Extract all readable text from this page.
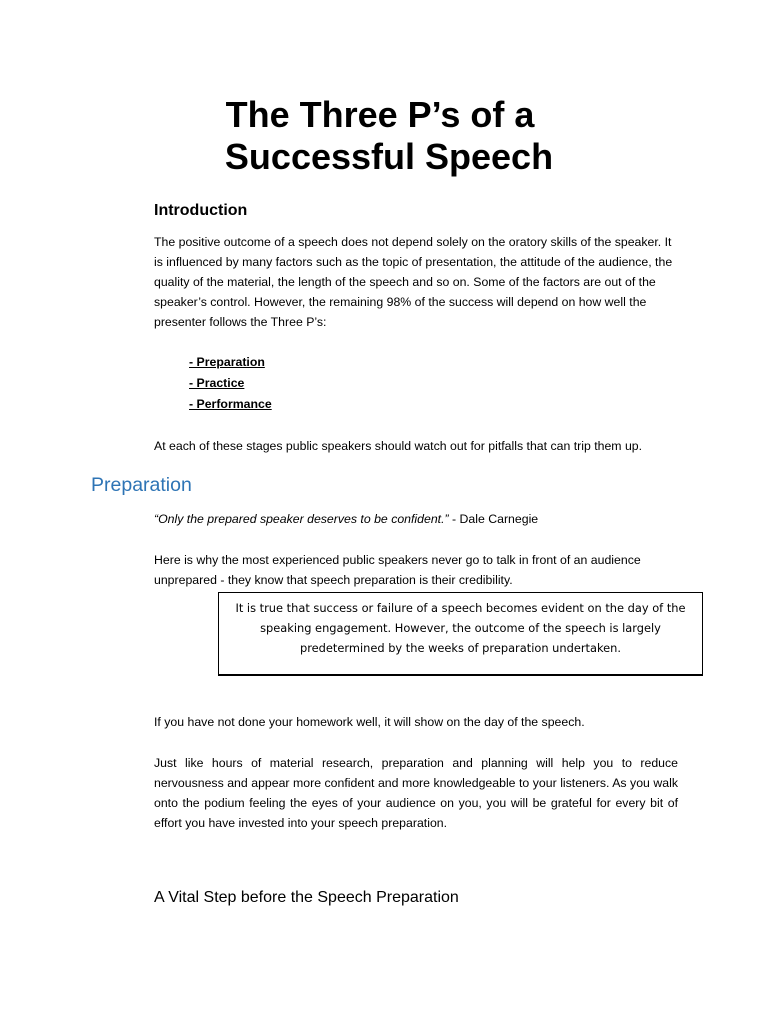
The Three P’s of a
Successful Speech
Introduction

The positive outcome of a speech does not depend solely on the oratory skills of the speaker. It is influenced by many factors such as the topic of presentation, the attitude of the audience, the quality of the material, the length of the speech and so on. Some of the factors are out of the speaker’s control. However, the remaining 98% of the success will depend on how well the presenter follows the Three P’s:

- Preparation
- Practice
- Performance

At each of these stages public speakers should watch out for pitfalls that can trip them up.

Preparation

“Only the prepared speaker deserves to be confident.” - Dale Carnegie

Here is why the most experienced public speakers never go to talk in front of an audience unprepared - they know that speech preparation is their credibility.

It is true that success or failure of a speech becomes evident on the day of the speaking engagement. However, the outcome of the speech is largely predetermined by the weeks of preparation undertaken.

If you have not done your homework well, it will show on the day of the speech.

Just like hours of material research, preparation and planning will help you to reduce nervousness and appear more confident and more knowledgeable to your listeners. As you walk onto the podium feeling the eyes of your audience on you, you will be grateful for every bit of effort you have invested into your speech preparation.

A Vital Step before the Speech Preparation
